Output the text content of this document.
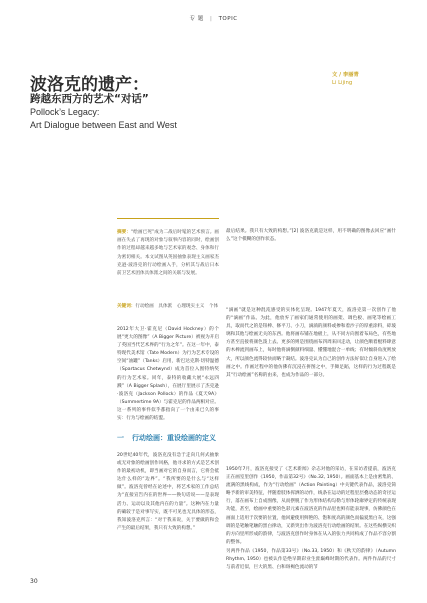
专 题 | TOPIC
波洛克的遗产：
跨越东西方的艺术“对话”
Pollock’s Legacy:
Art Dialogue between East and West
文 / 李丽青
Li Lijing
摘要：“绘画已死”成为二战后时髦的艺术预言。画画在失去了再现的对象与叙事内容的同时，绘画创作的过程却越来越多地与艺术家的观念、身体和行为密切相关。本文试图从英国抽象表现主义画家杰克逊·波洛克的行动绘画入手，分析其与战后日本前卫艺术团体具体派之间的关联与发展。
关键词：行动绘画　具体派　心理现实主义　个体
2012年大卫·霍克尼（David Hockney）的个展“更大的图像”（A Bigger Picture）被视为开启了英国当代艺术界的“行为之年”。在这一年中，泰特现代美术馆（Tate Modern）为行为艺术专设的空间“油罐”（Tanks）启用，新巴达克斯·切特温德（Spartacus Chetwynd）成为首位入围特纳奖的行为艺术家。同年，泰特的收藏大展“永远四溅”（A Bigger Splash），在展厅里展示了杰克逊·波洛克（Jackson Pollock）的作品《夏天9A》（Summertime 9A）与霍克尼的作品两相对应。这一系列的事件似乎都指向了一个由来已久的事实：行为与绘画的结盟。
一 行动绘画：重设绘画的定义
20世纪40年代，波洛克没有急于走向几何式抽象或无对象的绘画创作风格，他寻求的方式是艺术创作的最初动机，即当画对它的自身而言，它将会抵达什么样的“边界”。“我所要的是什么与“这样做”。波洛克曾经在论述中，将艺术家的工作总结为“直接宣告内在的世界——换句话说——是表现活力、运动以及其他内在的力量”。这种内在力量的确较于是对事写实，既不可见也无具体的形态，我知波洛克所言：“对于我来说，关于要做的和会产生的最后结果，我只有大致的构想。”
最后结果。我只有大致的构想。”[2] 波洛克就是这样，用不明确的图像去回应“画什么”这个模糊的创作状态。
“滴画”就是这种混沌感受的实体化呈现。1947年夏天，波洛克第一次创作了他的“滴画”作品。为此，他放弃了画家们通常使用的画架、调色板、画笔等绘画工具，取而代之的是钮棒、修平刀、小刀，滴淌的颜料或掺和着沙子的厚重涂料，碎玻璃和其他与绘画无关的东西。他将画布铺在地板上，从不同方向围着布局色，有些地方甚至直接将颜色泼上去。更多的则是围绕画布四周来回走动，让颜色顺着棍料肆意的木棒流到画布上，每时他将滴倒颜料细量、懂懂地混合一单线；有时倾斜角度则放大，所以颜色流得较快而略于凝结。波洛克认为自己的创作方法好似让自身进入了绘画之中。作画过程中的他仿佛有沉浸在拼图之中，手舞足蹈，这样的行为过程既是其“行动绘画”名称的由来，也成为作品的一部分。
1950年7月，波洛克接受了《艺术新闻》杂志对他的采访，在采访者提前，波洛克正在画室里创作《1950，作品第32号》（No.32, 1950）。画面基本上是由密集的、流满的黑线构成，作为“行动绘画”（Action Painting）中关键代表作品，波洛克简略予新的审美特征，伴随着肢体挥洒的动作，线条在运动的过程里层叠动态的奇径运行，落在画布上自成图像，从而摆脱了作为形体结构勾勒与形体轮廓界定的传统表现功能，甚至，绘画中重要的色彩元素在波洛克的作品里也鲜有能表现事，仿佛颜色在画面上适用于次要的位置，他回避使用鲜艳的、饱和度高的颜色而偏爱黑白灰，这强调的是笔触笔触的黑白律动，又新突出作为波洛克行动绘画的结果。在这些纵横交织的方向里所形成的韵律，与波洛克创作时身体在从入的张力共同构成了作品不容分割的整体。
另两件作品《1950，作品第33号》（No.33, 1950）和《秋天的韵律》（Autumn Rhythm, 1950）也被认作是绝早期彩业生涯巅峰时期的代表作。两件作品的尺寸与前者近似，巨大的黑、白和斑褐色流动的节
30
